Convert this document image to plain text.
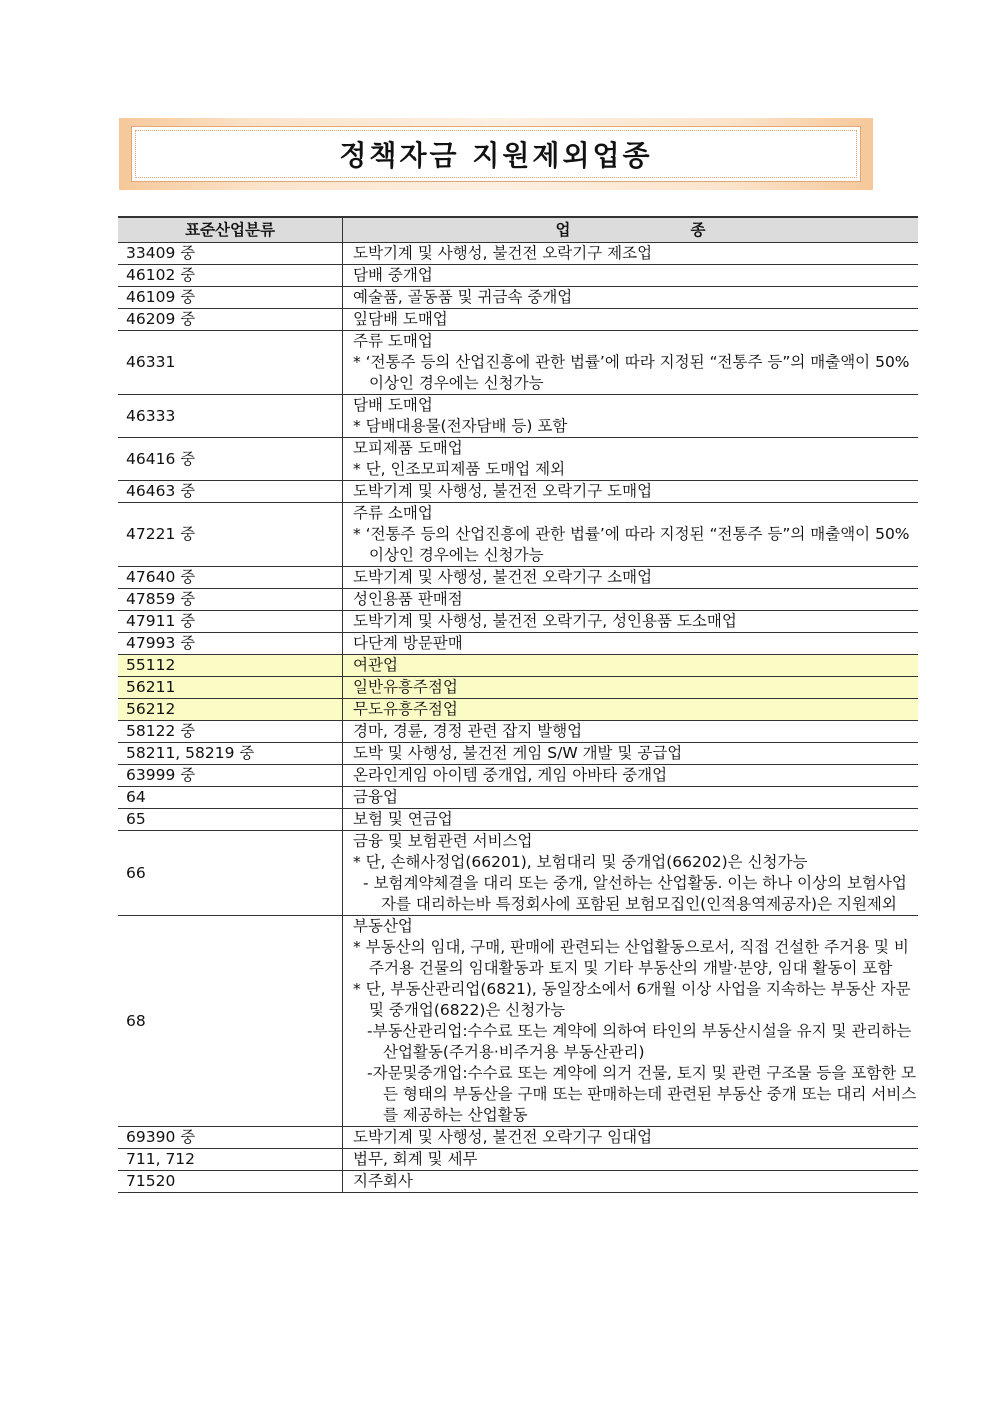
정책자금 지원제외업종
표준산업분류	업 종

33409 중	도박기계 및 사행성, 불건전 오락기구 제조업

46102 중	담배 중개업

46109 중	예술품, 골동품 및 귀금속 중개업

46209 중	잎담배 도매업

46331	주류 도매업
* ‘전통주 등의 산업진흥에 관한 법률’에 따라 지정된 “전통주 등”의 매출액이 50% 이상인 경우에는 신청가능

46333	담배 도매업
* 담배대용물(전자담배 등) 포함

46416 중	모피제품 도매업
* 단, 인조모피제품 도매업 제외

46463 중	도박기계 및 사행성, 불건전 오락기구 도매업

47221 중	주류 소매업
* ‘전통주 등의 산업진흥에 관한 법률’에 따라 지정된 “전통주 등”의 매출액이 50% 이상인 경우에는 신청가능

47640 중	도박기계 및 사행성, 불건전 오락기구 소매업

47859 중	성인용품 판매점

47911 중	도박기계 및 사행성, 불건전 오락기구, 성인용품 도소매업

47993 중	다단계 방문판매

55112	여관업

56211	일반유흥주점업

56212	무도유흥주점업

58122 중	경마, 경륜, 경정 관련 잡지 발행업

58211, 58219 중	도박 및 사행성, 불건전 게임 S/W 개발 및 공급업

63999 중	온라인게임 아이템 중개업, 게임 아바타 중개업

64	금융업

65	보험 및 연금업

66	금융 및 보험관련 서비스업
* 단, 손해사정업(66201), 보험대리 및 중개업(66202)은 신청가능
- 보험계약체결을 대리 또는 중개, 알선하는 산업활동. 이는 하나 이상의 보험사업자를 대리하는바 특정회사에 포함된 보험모집인(인적용역제공자)은 지원제외

68	부동산업
* 부동산의 임대, 구매, 판매에 관련되는 산업활동으로서, 직접 건설한 주거용 및 비주거용 건물의 임대활동과 토지 및 기타 부동산의 개발·분양, 임대 활동이 포함
* 단, 부동산관리업(6821), 동일장소에서 6개월 이상 사업을 지속하는 부동산 자문 및 중개업(6822)은 신청가능
-부동산관리업:수수료 또는 계약에 의하여 타인의 부동산시설을 유지 및 관리하는 산업활동(주거용·비주거용 부동산관리)
-자문및중개업:수수료 또는 계약에 의거 건물, 토지 및 관련 구조물 등을 포함한 모든 형태의 부동산을 구매 또는 판매하는데 관련된 부동산 중개 또는 대리 서비스를 제공하는 산업활동

69390 중	도박기계 및 사행성, 불건전 오락기구 임대업

711, 712	법무, 회계 및 세무

71520	지주회사
